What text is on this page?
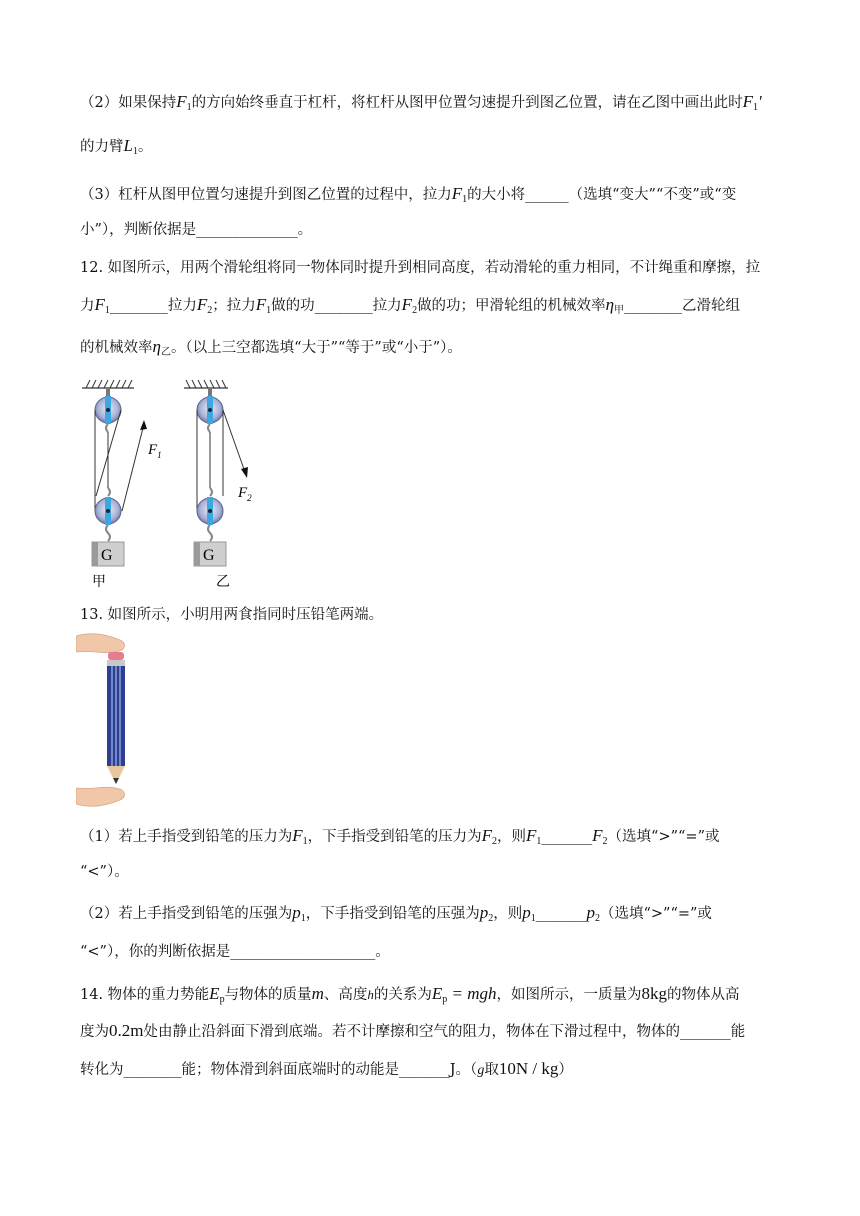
（2）如果保持$F_1$的方向始终垂直于杠杆，将杠杆从图甲位置匀速提升到图乙位置，请在乙图中画出此时$F_1'$
的力臂$L_1$。
（3）杠杆从图甲位置匀速提升到图乙位置的过程中，拉力$F_1$的大小将______（选填“变大”“不变”或“变
小”），判断依据是______________。
12. 如图所示，用两个滑轮组将同一物体同时提升到相同高度，若动滑轮的重力相同，不计绳重和摩擦，拉
力$F_1\_\_\_\_\_\_\_\_$拉力$F_2$；拉力$F_1$做的功________拉力$F_2$做的功；甲滑轮组的机械效率$\eta_甲\_\_\_\_\_\_\_\_$乙滑轮组
的机械效率$\eta_乙$。（以上三空都选填“大于”“等于”或“小于”）。
$F_1$
$F_2$
G	G
甲	乙
13. 如图所示，小明用两食指同时压铅笔两端。
（1）若上手指受到铅笔的压力为$F_1$，下手指受到铅笔的压力为$F_2$，则$F_1\_\_\_\_\_\_\_F_2$（选填“>”“=”或
“<”）。
（2）若上手指受到铅笔的压强为$p_1$，下手指受到铅笔的压强为$p_2$，则$p_1\_\_\_\_\_\_\_p_2$（选填“>”“=”或
“<”），你的判断依据是____________________。
14. 物体的重力势能$E_p$与物体的质量m、高度h的关系为$E_p$ = mgh，如图所示，一质量为8kg的物体从高
度为0.2m处由静止沿斜面下滑到底端。若不计摩擦和空气的阻力，物体在下滑过程中，物体的_______能
转化为________能；物体滑到斜面底端时的动能是_______J。（g取10N / kg）
